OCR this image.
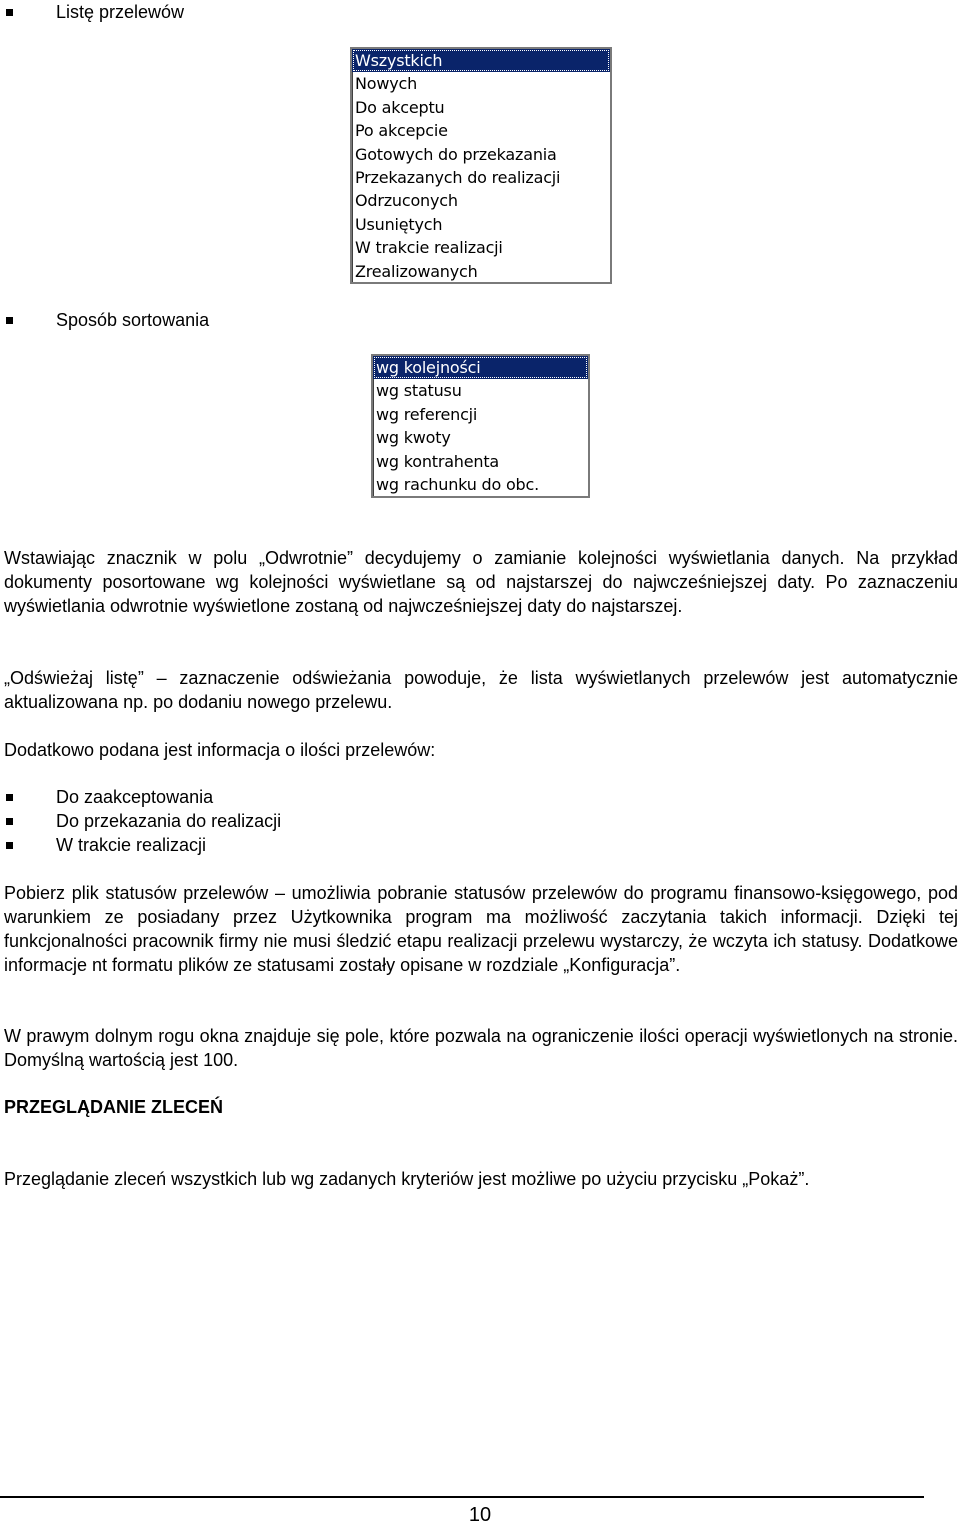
Listę przelewów
Wszystkich
Nowych
Do akceptu
Po akcepcie
Gotowych do przekazania
Przekazanych do realizacji
Odrzuconych
Usuniętych
W trakcie realizacji
Zrealizowanych
Sposób sortowania
wg kolejności
wg statusu
wg referencji
wg kwoty
wg kontrahenta
wg rachunku do obc.

Wstawiając znacznik w polu „Odwrotnie” decydujemy o zamianie kolejności wyświetlania danych. Na przykład dokumenty posortowane wg kolejności wyświetlane są od najstarszej do najwcześniejszej daty. Po zaznaczeniu wyświetlania odwrotnie wyświetlone zostaną od najwcześniejszej daty do najstarszej.

„Odświeżaj listę” – zaznaczenie odświeżania powoduje, że lista wyświetlanych przelewów jest automatycznie aktualizowana np. po dodaniu nowego przelewu.

Dodatkowo podana jest informacja o ilości przelewów:

Do zaakceptowania
Do przekazania do realizacji
W trakcie realizacji

Pobierz plik statusów przelewów – umożliwia pobranie statusów przelewów do programu finansowo-księgowego, pod warunkiem ze posiadany przez Użytkownika program ma możliwość zaczytania takich informacji. Dzięki tej funkcjonalności pracownik firmy nie musi śledzić etapu realizacji przelewu wystarczy, że wczyta ich statusy. Dodatkowe informacje nt formatu plików ze statusami zostały opisane w rozdziale „Konfiguracja”.

W prawym dolnym rogu okna znajduje się pole, które pozwala na ograniczenie ilości operacji wyświetlonych na stronie. Domyślną wartością jest 100.

PRZEGLĄDANIE ZLECEŃ

Przeglądanie zleceń wszystkich lub wg zadanych kryteriów jest możliwe po użyciu przycisku „Pokaż”.

10
